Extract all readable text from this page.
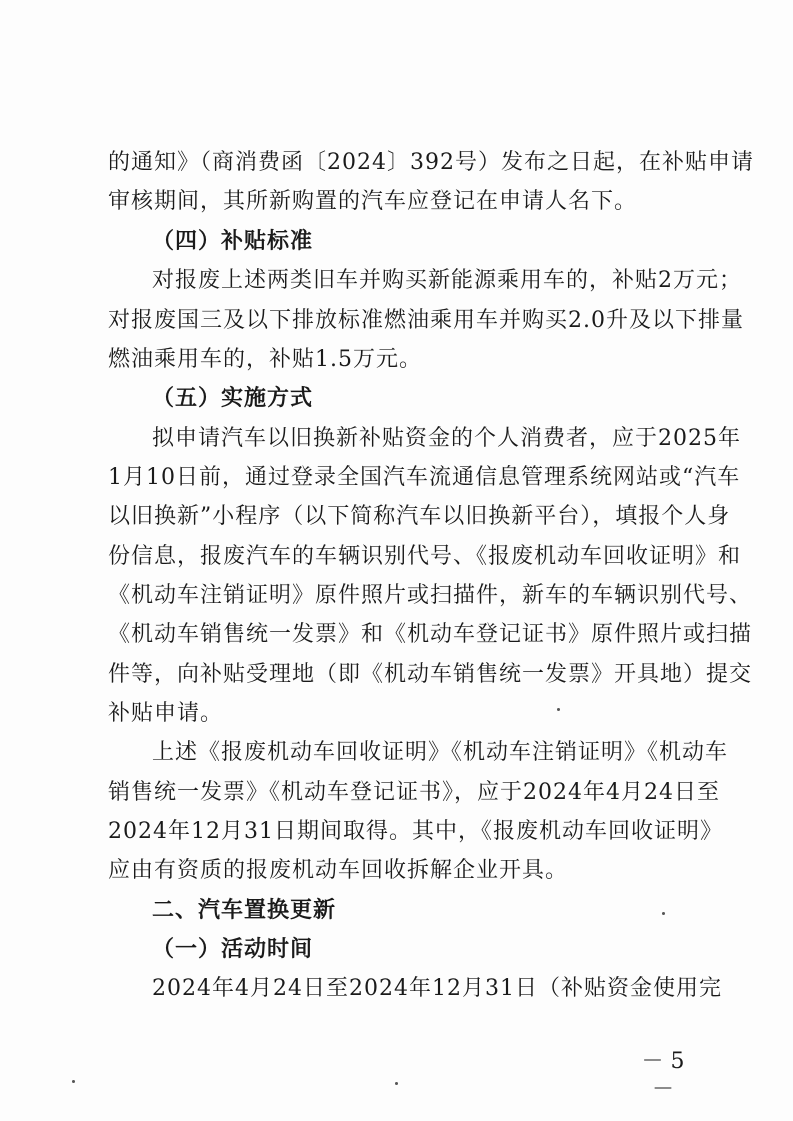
的通知》（商消费函〔2024〕392号）发布之日起，在补贴申请
审核期间，其所新购置的汽车应登记在申请人名下。
（四）补贴标准
对报废上述两类旧车并购买新能源乘用车的，补贴2万元；
对报废国三及以下排放标准燃油乘用车并购买2.0升及以下排量
燃油乘用车的，补贴1.5万元。
（五）实施方式
拟申请汽车以旧换新补贴资金的个人消费者，应于2025年
1月10日前，通过登录全国汽车流通信息管理系统网站或“汽车
以旧换新”小程序（以下简称汽车以旧换新平台），填报个人身
份信息，报废汽车的车辆识别代号、《报废机动车回收证明》和
《机动车注销证明》原件照片或扫描件，新车的车辆识别代号、
《机动车销售统一发票》和《机动车登记证书》原件照片或扫描
件等，向补贴受理地（即《机动车销售统一发票》开具地）提交
补贴申请。
上述《报废机动车回收证明》《机动车注销证明》《机动车
销售统一发票》《机动车登记证书》，应于2024年4月24日至
2024年12月31日期间取得。其中，《报废机动车回收证明》
应由有资质的报废机动车回收拆解企业开具。
二、汽车置换更新
（一）活动时间
2024年4月24日至2024年12月31日（补贴资金使用完
－ 5 －
